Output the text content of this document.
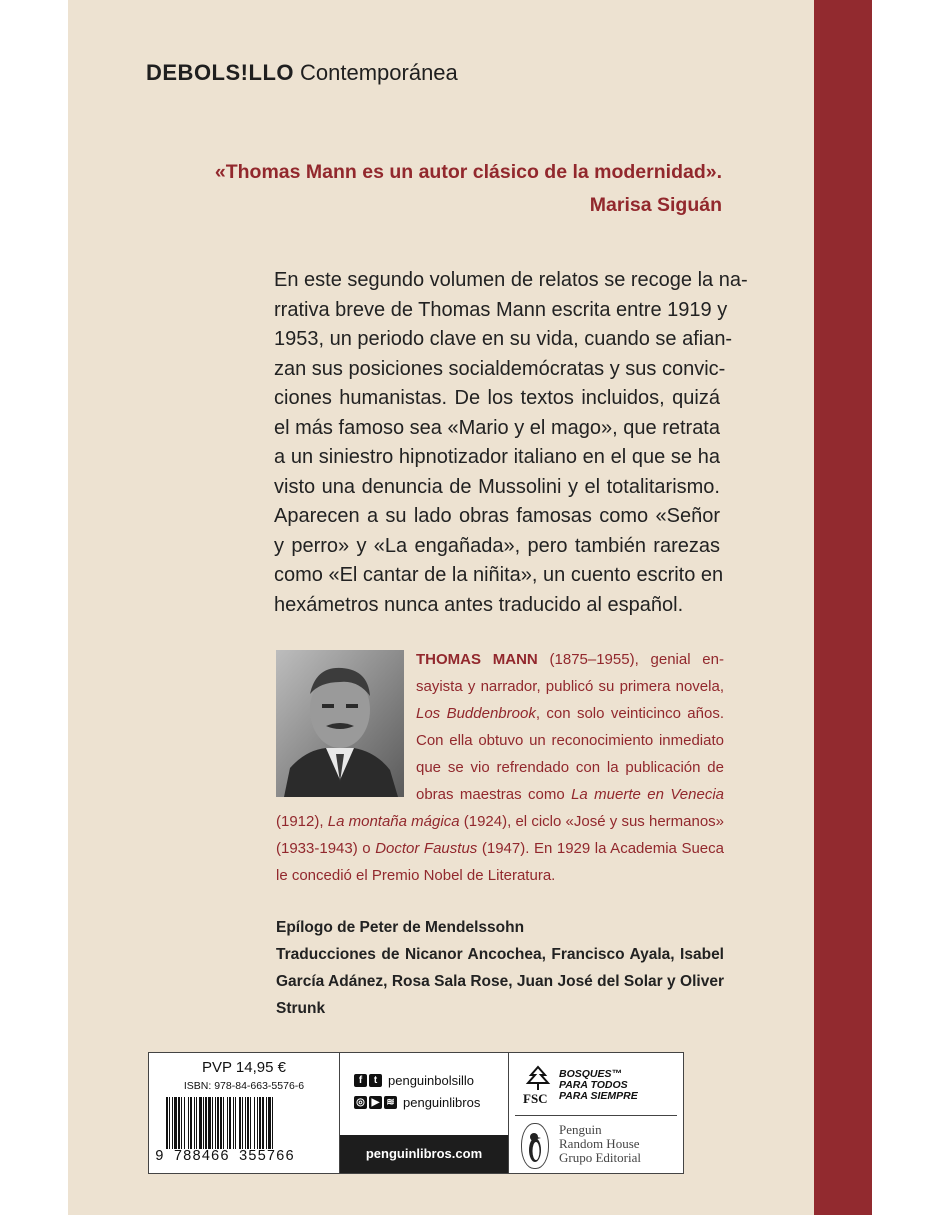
DEBOLS!LLO Contemporánea
«Thomas Mann es un autor clásico de la modernidad».
Marisa Siguán
En este segundo volumen de relatos se recoge la na-
rrativa breve de Thomas Mann escrita entre 1919 y
1953, un periodo clave en su vida, cuando se afian-
zan sus posiciones socialdemócratas y sus convic-
ciones humanistas. De los textos incluidos, quizá
el más famoso sea «Mario y el mago», que retrata
a un siniestro hipnotizador italiano en el que se ha
visto una denuncia de Mussolini y el totalitarismo.
Aparecen a su lado obras famosas como «Señor
y perro» y «La engañada», pero también rarezas
como «El cantar de la niñita», un cuento escrito en
hexámetros nunca antes traducido al español.
THOMAS MANN (1875–1955), genial en-
sayista y narrador, publicó su primera novela,
Los Buddenbrook, con solo veinticinco años.
Con ella obtuvo un reconocimiento inmediato
que se vio refrendado con la publicación de
obras maestras como La muerte en Venecia
(1912), La montaña mágica (1924), el ciclo «José y sus hermanos»
(1933-1943) o Doctor Faustus (1947). En 1929 la Academia Sueca
le concedió el Premio Nobel de Literatura.
Epílogo de Peter de Mendelssohn
Traducciones de Nicanor Ancochea, Francisco Ayala, Isabel
García Adánez, Rosa Sala Rose, Juan José del Solar y Oliver
Strunk
PVP 14,95 €
ISBN: 978-84-663-5576-6
9 788466 355766
f	t penguinbolsillo
◎ ▶ ≋ penguinlibros
penguinlibros.com
FSC
BOSQUES™
PARA TODOS
PARA SIEMPRE
Penguin
Random House
Grupo Editorial
